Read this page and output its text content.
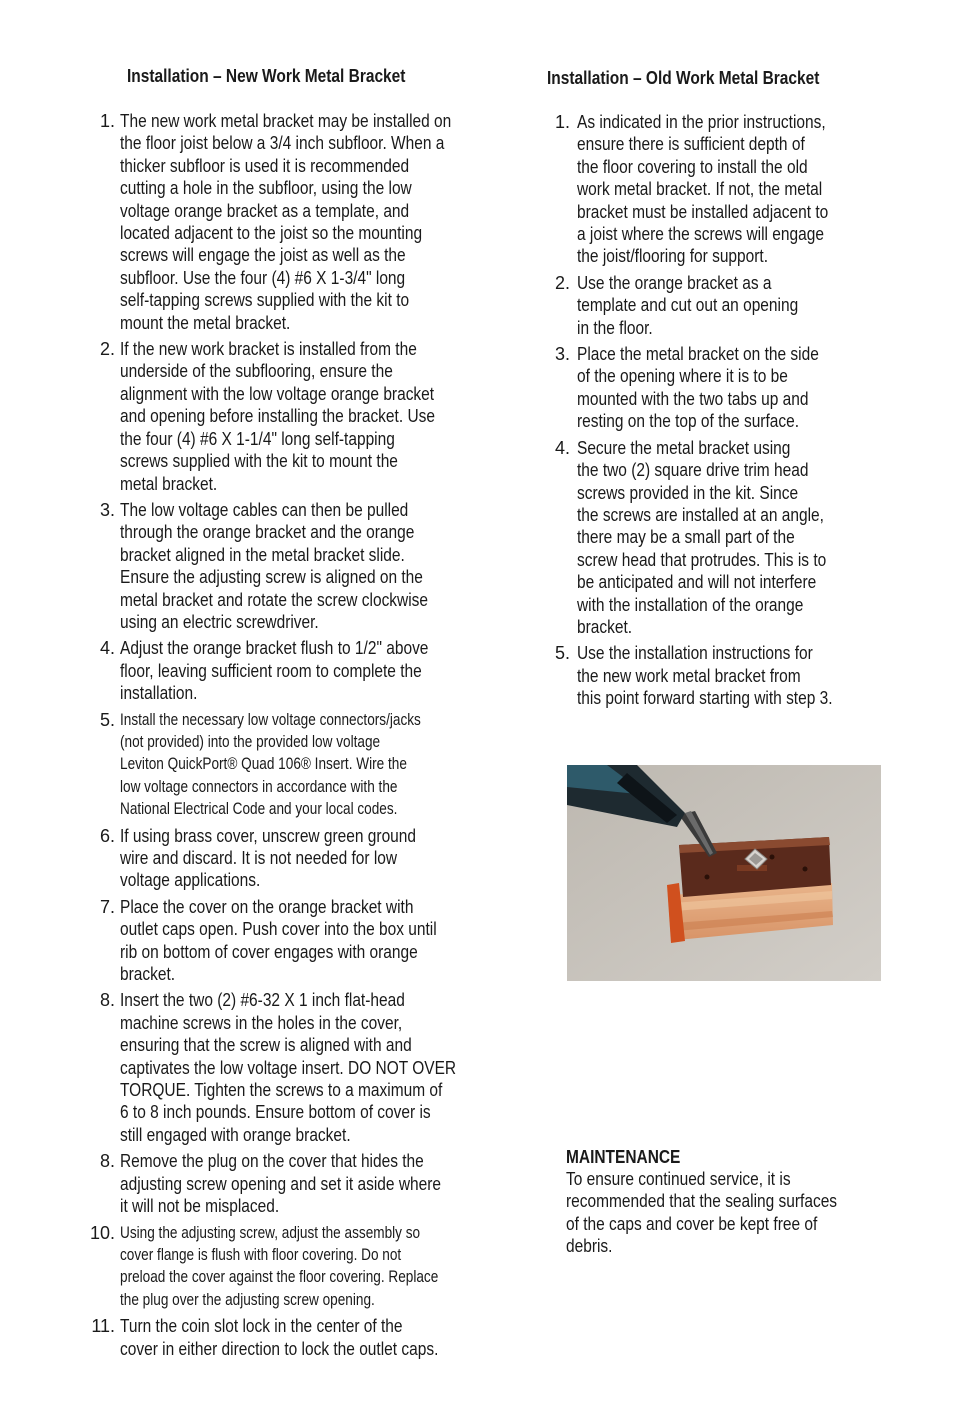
Installation – New Work Metal Bracket
1. The new work metal bracket may be installed on
the floor joist below a 3/4 inch subfloor. When a
thicker subfloor is used it is recommended
cutting a hole in the subfloor, using the low
voltage orange bracket as a template, and
located adjacent to the joist so the mounting
screws will engage the joist as well as the
subfloor. Use the four (4) #6 X 1-3/4" long
self-tapping screws supplied with the kit to
mount the metal bracket.
2. If the new work bracket is installed from the
underside of the subflooring, ensure the
alignment with the low voltage orange bracket
and opening before installing the bracket. Use
the four (4) #6 X 1-1/4" long self-tapping
screws supplied with the kit to mount the
metal bracket.
3. The low voltage cables can then be pulled
through the orange bracket and the orange
bracket aligned in the metal bracket slide.
Ensure the adjusting screw is aligned on the
metal bracket and rotate the screw clockwise
using an electric screwdriver.
4. Adjust the orange bracket flush to 1/2" above
floor, leaving sufficient room to complete the
installation.
5. Install the necessary low voltage connectors/jacks
(not provided) into the provided low voltage
Leviton QuickPort® Quad 106® Insert. Wire the
low voltage connectors in accordance with the
National Electrical Code and your local codes.
6. If using brass cover, unscrew green ground
wire and discard. It is not needed for low
voltage applications.
7. Place the cover on the orange bracket with
outlet caps open. Push cover into the box until
rib on bottom of cover engages with orange
bracket.
8. Insert the two (2) #6-32 X 1 inch flat-head
machine screws in the holes in the cover,
ensuring that the screw is aligned with and
captivates the low voltage insert. DO NOT OVER
TORQUE. Tighten the screws to a maximum of
6 to 8 inch pounds. Ensure bottom of cover is
still engaged with orange bracket.
8. Remove the plug on the cover that hides the
adjusting screw opening and set it aside where
it will not be misplaced.
10. Using the adjusting screw, adjust the assembly so
cover flange is flush with floor covering. Do not
preload the cover against the floor covering. Replace
the plug over the adjusting screw opening.
11. Turn the coin slot lock in the center of the
cover in either direction to lock the outlet caps.
Installation – Old Work Metal Bracket
1. As indicated in the prior instructions,
ensure there is sufficient depth of
the floor covering to install the old
work metal bracket. If not, the metal
bracket must be installed adjacent to
a joist where the screws will engage
the joist/flooring for support.
2. Use the orange bracket as a
template and cut out an opening
in the floor.
3. Place the metal bracket on the side
of the opening where it is to be
mounted with the two tabs up and
resting on the top of the surface.
4. Secure the metal bracket using
the two (2) square drive trim head
screws provided in the kit. Since
the screws are installed at an angle,
there may be a small part of the
screw head that protrudes. This is to
be anticipated and will not interfere
with the installation of the orange
bracket.
5. Use the installation instructions for
the new work metal bracket from
this point forward starting with step 3.
MAINTENANCE
To ensure continued service, it is
recommended that the sealing surfaces
of the caps and cover be kept free of
debris.
